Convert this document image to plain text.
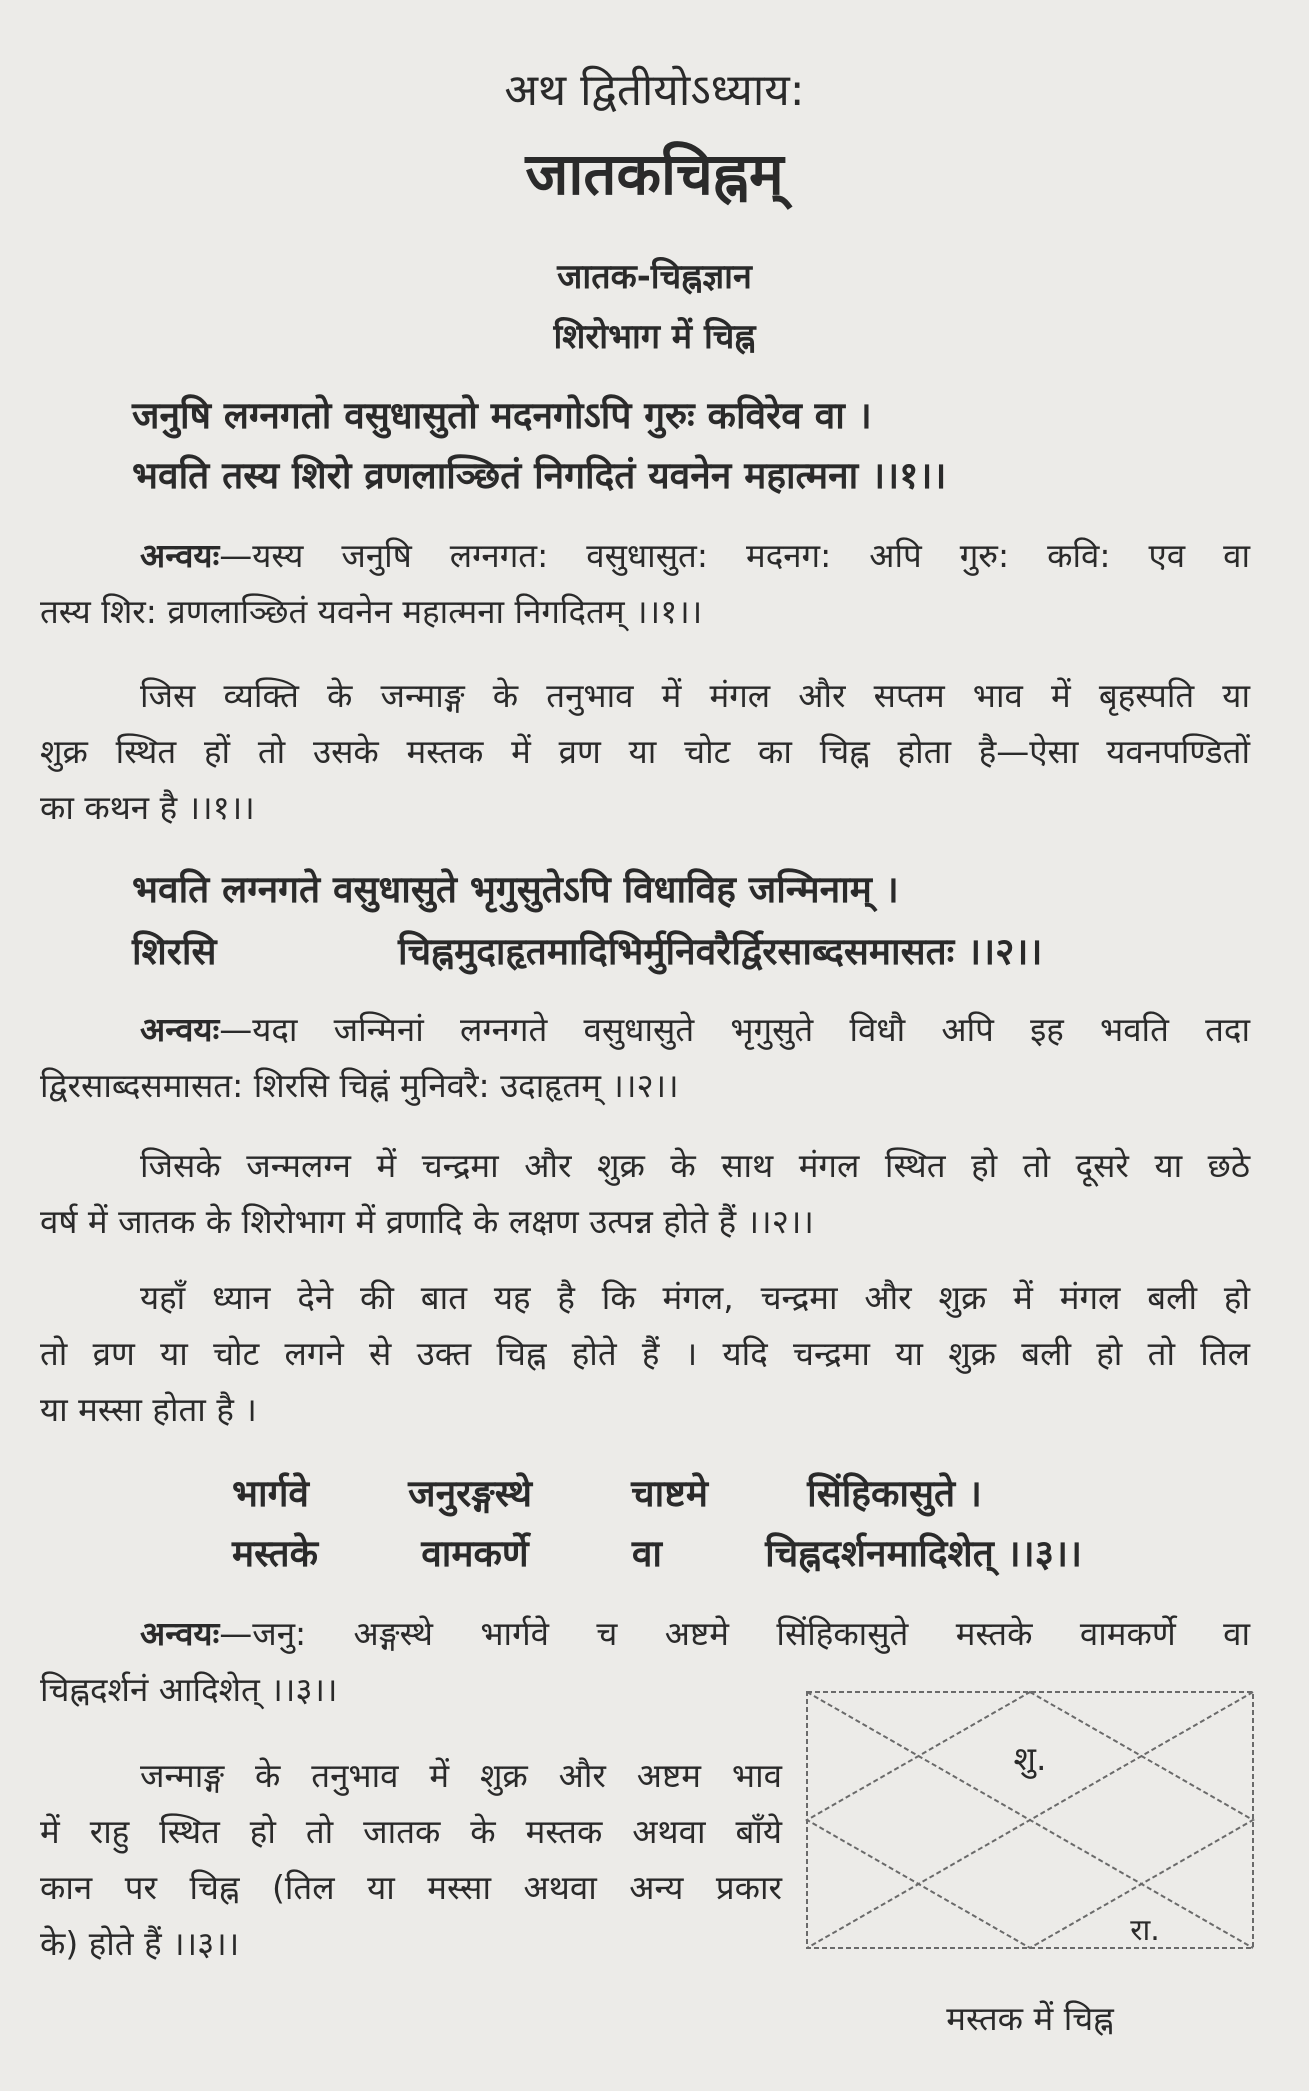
अथ द्वितीयोऽध्याय:
जातकचिह्नम्
जातक-चिह्नज्ञान
शिरोभाग में चिह्न
जनुषि लग्नगतो वसुधासुतो मदनगोऽपि गुरुः कविरेव वा ।
भवति तस्य शिरो व्रणलाञ्छितं निगदितं यवनेन महात्मना ।।१।।
अन्वयः—यस्य जनुषि लग्नगत: वसुधासुत: मदनग: अपि गुरु: कवि: एव वा
तस्य शिर: व्रणलाञ्छितं यवनेन महात्मना निगदितम् ।।१।।
जिस व्यक्ति के जन्माङ्ग के तनुभाव में मंगल और सप्तम भाव में बृहस्पति या
शुक्र स्थित हों तो उसके मस्तक में व्रण या चोट का चिह्न होता है—ऐसा यवनपण्डितों
का कथन है ।।१।।
भवति लग्नगते वसुधासुते भृगुसुतेऽपि विधाविह जन्मिनाम् ।
शिरसि	चिह्नमुदाहृतमादिभिर्मुनिवरैर्द्विरसाब्दसमासतः ।।२।।
अन्वयः—यदा जन्मिनां लग्नगते वसुधासुते भृगुसुते विधौ अपि इह भवति तदा
द्विरसाब्दसमासत: शिरसि चिह्नं मुनिवरै: उदाहृतम् ।।२।।
जिसके जन्मलग्न में चन्द्रमा और शुक्र के साथ मंगल स्थित हो तो दूसरे या छठे
वर्ष में जातक के शिरोभाग में व्रणादि के लक्षण उत्पन्न होते हैं ।।२।।
यहाँ ध्यान देने की बात यह है कि मंगल, चन्द्रमा और शुक्र में मंगल बली हो
तो व्रण या चोट लगने से उक्त चिह्न होते हैं । यदि चन्द्रमा या शुक्र बली हो तो तिल
या मस्सा होता है ।
भार्गवे	जनुरङ्गस्थे	चाष्टमे	सिंहिकासुते ।
मस्तके	वामकर्णे	वा	चिह्नदर्शनमादिशेत् ।।३।।
अन्वयः—जनु: अङ्गस्थे भार्गवे च अष्टमे सिंहिकासुते मस्तके वामकर्णे वा
चिह्नदर्शनं आदिशेत् ।।३।।
जन्माङ्ग के तनुभाव में शुक्र और अष्टम भाव
में राहु स्थित हो तो जातक के मस्तक अथवा बाँये
कान पर चिह्न (तिल या मस्सा अथवा अन्य प्रकार
के) होते हैं ।।३।।
शु.
रा.
मस्तक में चिह्न
